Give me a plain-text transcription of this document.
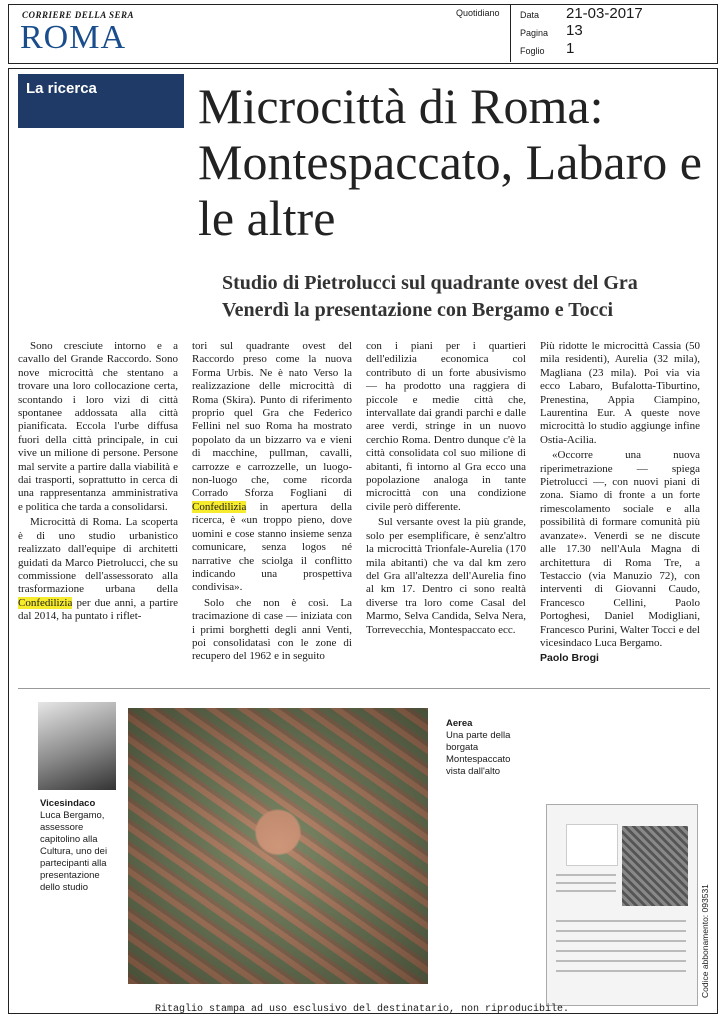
CORRIERE DELLA SERA
ROMA
Quotidiano Data 21-03-2017
Pagina 13
Foglio 1
La ricerca	Microcittà di Roma: Montespaccato, Labaro e le altre
Studio di Pietrolucci sul quadrante ovest del Gra
Venerdì la presentazione con Bergamo e Tocci

Sono cresciute intorno e a cavallo del Grande Raccordo. Sono nove microcittà che stentano a trovare una loro collocazione certa, scontando i loro vizi di città spontanee addossata alla città pianificata. Eccola l'urbe diffusa fuori della città principale, in cui vive un milione di persone. Persone mal servite a partire dalla viabilità e dai trasporti, soprattutto in cerca di una rappresentanza amministrativa e politica che tarda a consolidarsi.

Microcittà di Roma. La scoperta è di uno studio urbanistico realizzato dall'equipe di architetti guidati da Marco Pietrolucci, che su commissione dell'assessorato alla trasformazione urbana della Confedilizia per due anni, a partire dal 2014, ha puntato i riflet-

tori sul quadrante ovest del Raccordo preso come la nuova Forma Urbis. Ne è nato Verso la realizzazione delle microcittà di Roma (Skira). Punto di riferimento proprio quel Gra che Federico Fellini nel suo Roma ha mostrato popolato da un bizzarro va e vieni di macchine, pullman, cavalli, carrozze e carrozzelle, un luogo-non-luogo che, come ricorda Corrado Sforza Fogliani di Confedilizia in apertura della ricerca, è «un troppo pieno, dove uomini e cose stanno insieme senza comunicare, senza logos né narrative che sciolga il conflitto indicando una prospettiva condivisa».

Solo che non è così. La tracimazione di case — iniziata con i primi borghetti degli anni Venti, poi consolidatasi con le zone di recupero del 1962 e in seguito

con i piani per i quartieri dell'edilizia economica col contributo di un forte abusivismo — ha prodotto una raggiera di piccole e medie città che, intervallate dai grandi parchi e dalle aree verdi, stringe in un nuovo cerchio Roma. Dentro dunque c'è la città consolidata col suo milione di abitanti, fi intorno al Gra ecco una popolazione analoga in tante microcittà con una condizione civile però differente.

Sul versante ovest la più grande, solo per esemplificare, è senz'altro la microcittà Trionfale-Aurelia (170 mila abitanti) che va dal km zero del Gra all'altezza dell'Aurelia fino al km 17. Dentro ci sono realtà diverse tra loro come Casal del Marmo, Selva Candida, Selva Nera, Torrevecchia, Montespaccato ecc.

Più ridotte le microcittà Cassia (50 mila residenti), Aurelia (32 mila), Magliana (23 mila). Poi via via ecco Labaro, Bufalotta-Tiburtino, Prenestina, Appia Ciampino, Laurentina Eur. A queste nove microcittà lo studio aggiunge infine Ostia-Acilia.

«Occorre una nuova riperimetrazione — spiega Pietrolucci —, con nuovi piani di zona. Siamo di fronte a un forte rimescolamento sociale e alla possibilità di formare comunità più avanzate». Venerdì se ne discute alle 17.30 nell'Aula Magna di architettura di Roma Tre, a Testaccio (via Manuzio 72), con interventi di Giovanni Caudo, Francesco Cellini, Paolo Portoghesi, Daniel Modigliani, Francesco Purini, Walter Tocci e del vicesindaco Luca Bergamo.

Paolo Brogi
Vicesindaco
Luca Bergamo, assessore capitolino alla Cultura, uno dei partecipanti alla presentazione dello studio
Aerea
Una parte della borgata Montespaccato vista dall'alto
Codice abbonamento: 093531
Ritaglio stampa ad uso esclusivo del destinatario, non riproducibile.
